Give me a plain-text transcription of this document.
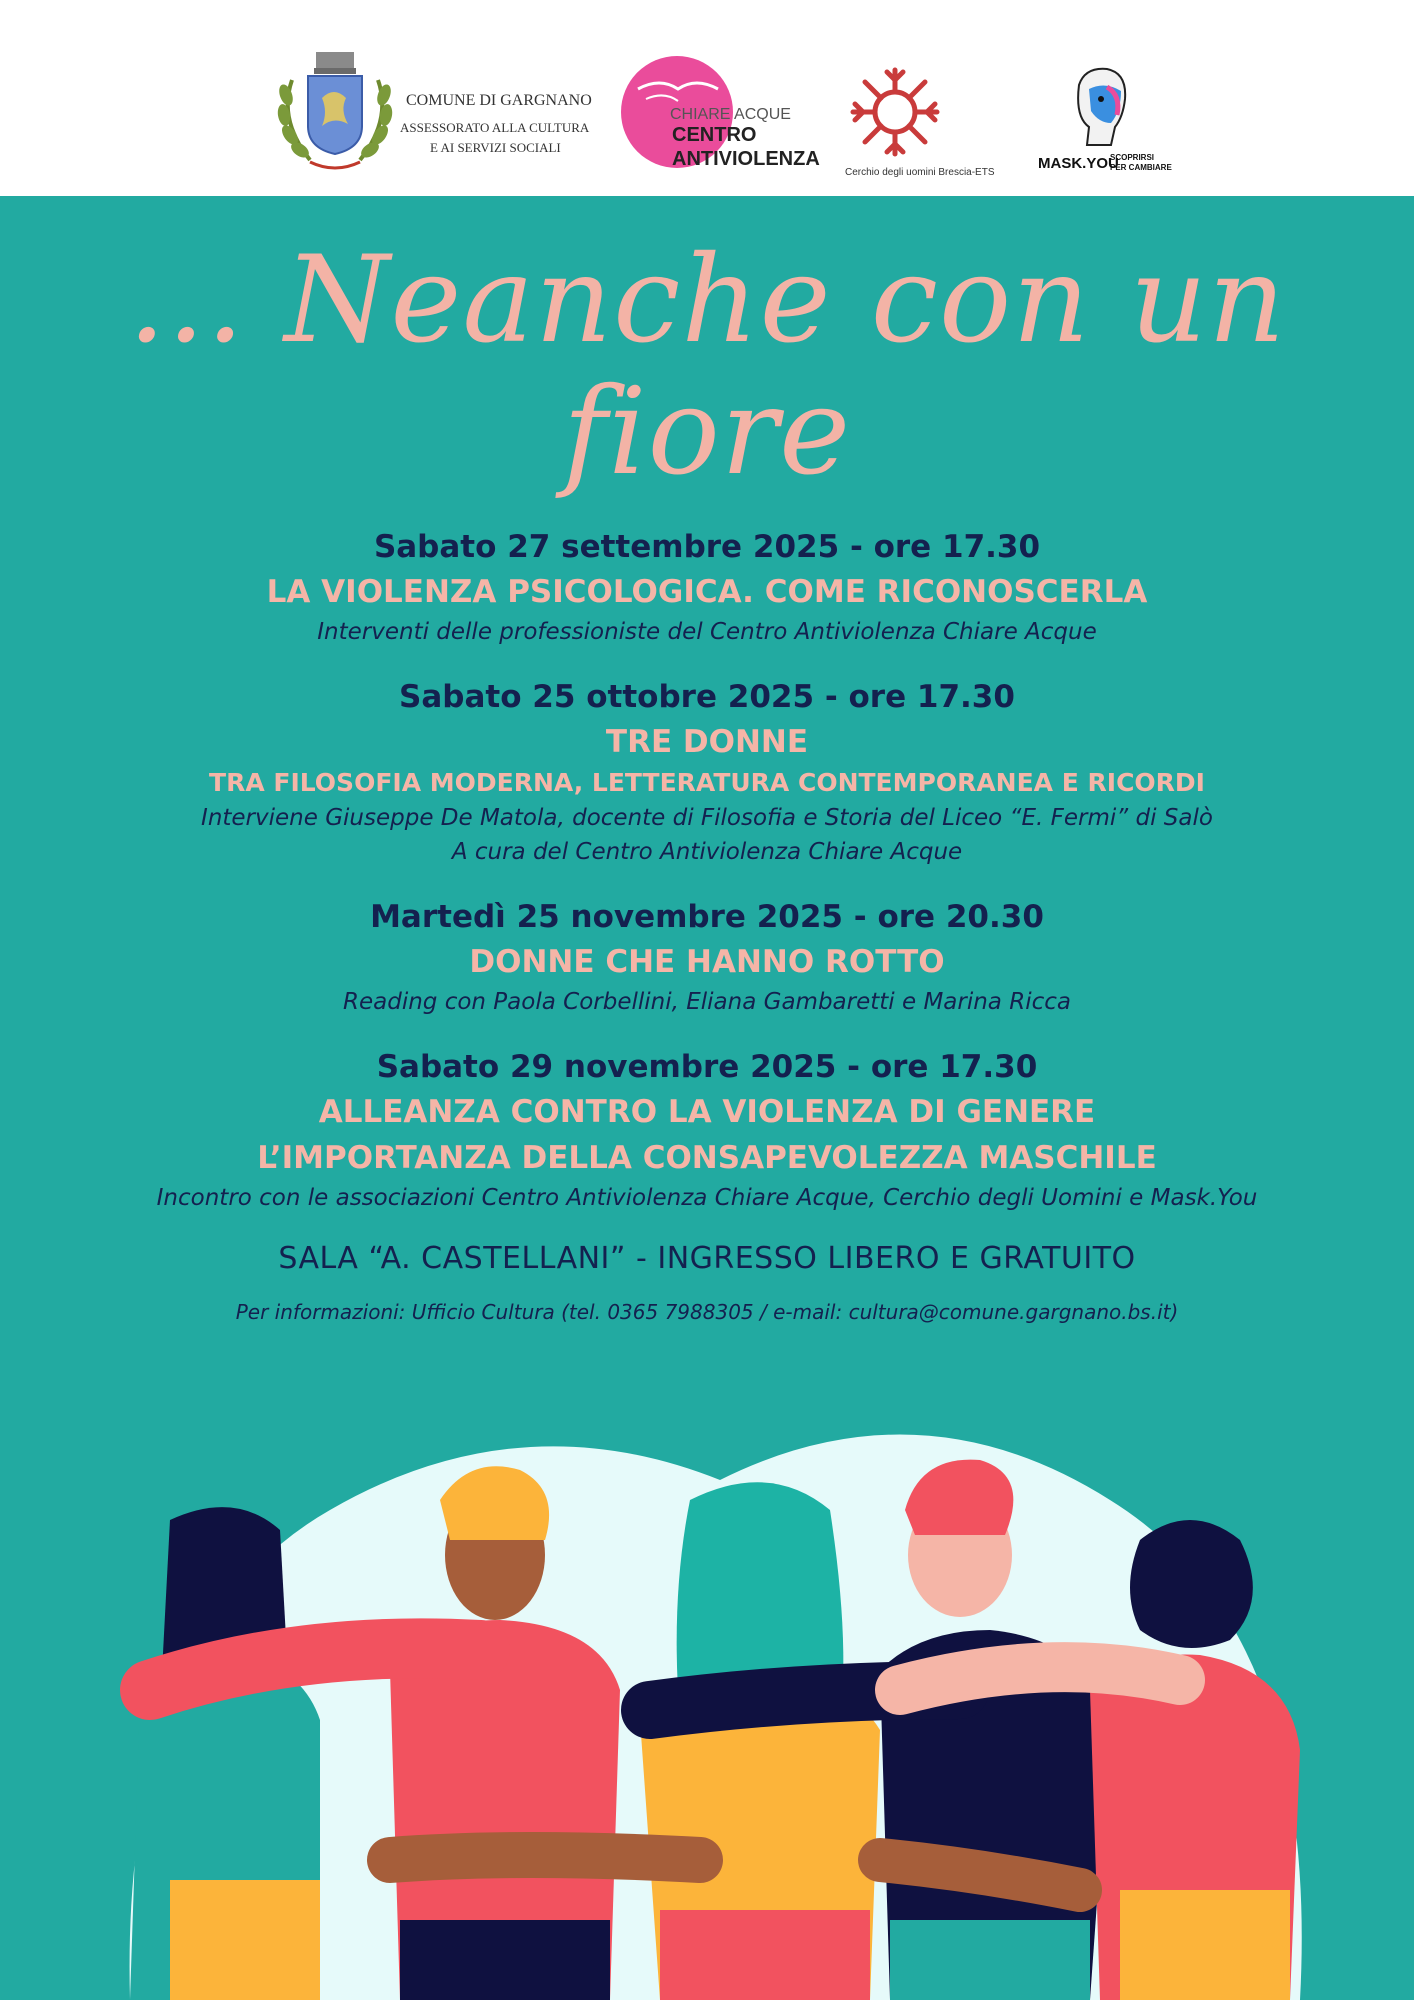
COMUNE DI GARGNANO
ASSESSORATO ALLA CULTURA
E AI SERVIZI SOCIALI
CHIARE ACQUE
CENTRO
ANTIVIOLENZA
Cerchio degli uomini Brescia-ETS
MASK.YOU
SCOPRIRSI
PER CAMBIARE
... Neanche con un fiore
Sabato 27 settembre 2025 - ore 17.30
LA VIOLENZA PSICOLOGICA. COME RICONOSCERLA
Interventi delle professioniste del Centro Antiviolenza Chiare Acque
Sabato 25 ottobre 2025 - ore 17.30
TRE DONNE
TRA FILOSOFIA MODERNA, LETTERATURA CONTEMPORANEA E RICORDI
Interviene Giuseppe De Matola, docente di Filosofia e Storia del Liceo “E. Fermi” di Salò
A cura del Centro Antiviolenza Chiare Acque
Martedì 25 novembre 2025 - ore 20.30
DONNE CHE HANNO ROTTO
Reading con Paola Corbellini, Eliana Gambaretti e Marina Ricca
Sabato 29 novembre 2025 - ore 17.30
ALLEANZA CONTRO LA VIOLENZA DI GENERE
L’IMPORTANZA DELLA CONSAPEVOLEZZA MASCHILE
Incontro con le associazioni Centro Antiviolenza Chiare Acque, Cerchio degli Uomini e Mask.You
SALA “A. CASTELLANI” - INGRESSO LIBERO E GRATUITO
Per informazioni: Ufficio Cultura (tel. 0365 7988305 / e-mail: cultura@comune.gargnano.bs.it)
